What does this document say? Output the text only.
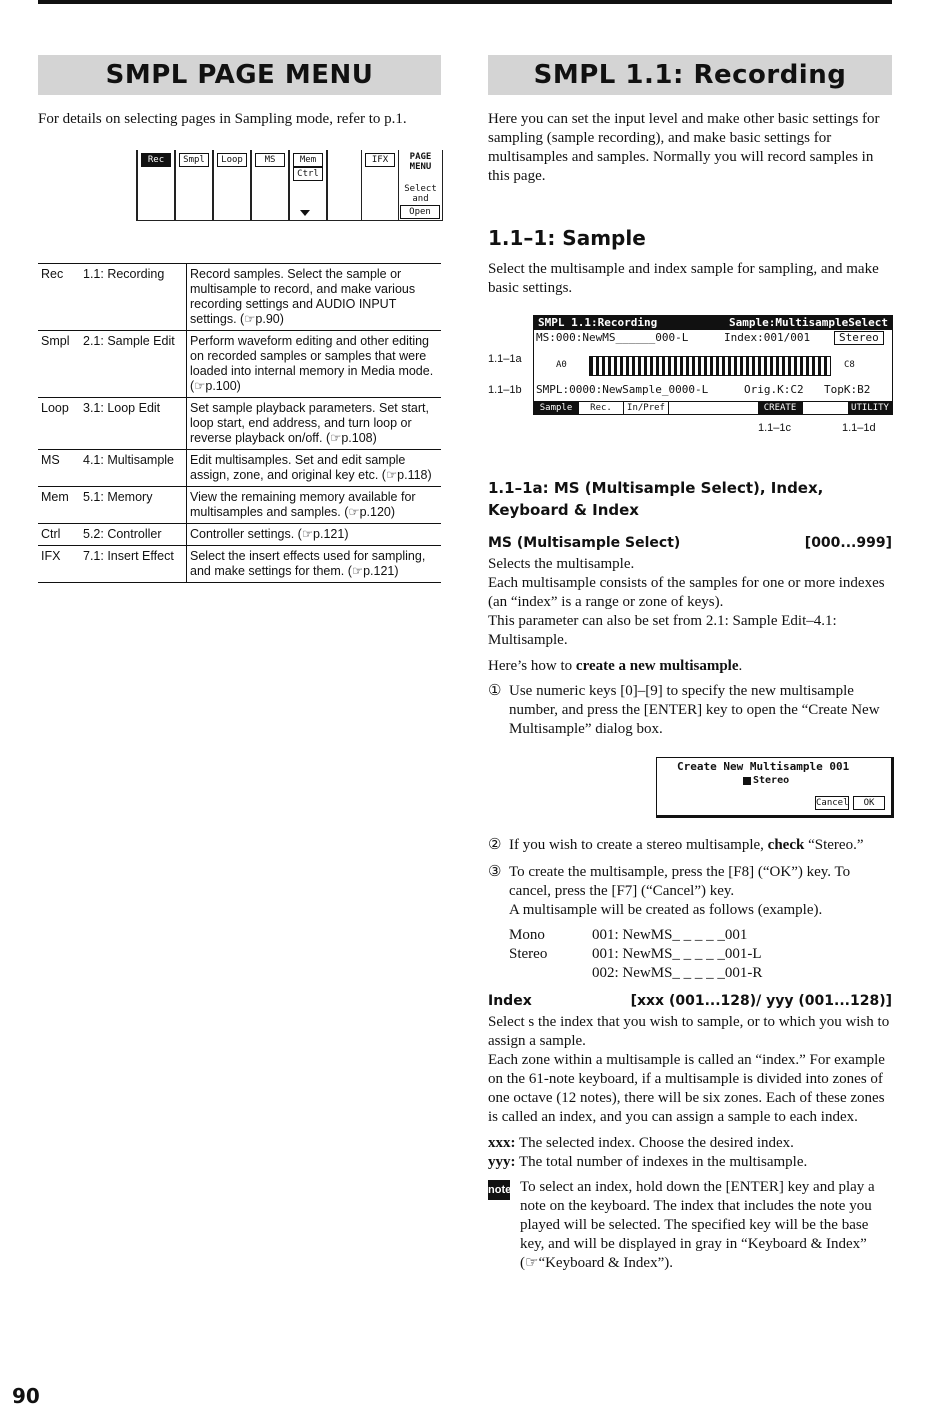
SMPL PAGE MENU

For details on selecting pages in Sampling mode, refer to p.1.

Rec	Smpl	Loop	MS	Mem
Ctrl
IFX	PAGE MENU
Select
and
Open
Rec	1.1: Recording	Record samples. Select the sample or multisample to record, and make various recording settings and AUDIO INPUT settings. (☞p.90)
Smpl	2.1: Sample Edit	Perform waveform editing and other editing on recorded samples or samples that were loaded into internal memory in Media mode. (☞p.100)
Loop	3.1: Loop Edit	Set sample playback parameters. Set start, loop start, end address, and turn loop or reverse playback on/off. (☞p.108)
MS	4.1: Multisample	Edit multisamples. Set and edit sample assign, zone, and original key etc. (☞p.118)
Mem	5.1: Memory	View the remaining memory available for multisamples and samples. (☞p.120)
Ctrl	5.2: Controller	Controller settings. (☞p.121)
IFX	7.1: Insert Effect	Select the insert effects used for sampling, and make settings for them. (☞p.121)
SMPL 1.1: Recording

Here you can set the input level and make other basic settings for sampling (sample recording), and make basic settings for multisamples and samples. Normally you will record samples in this page.

1.1–1: Sample

Select the multisample and index sample for sampling, and make basic settings.

SMPL 1.1:Recording	Sample:MultisampleSelect
MS:000:NewMS______000-L	Index:001/001	Stereo
A0	C8
SMPL:0000:NewSample_0000-L	Orig.K:C2 TopK:B2
Sample	Rec.	In/Pref	CREATE	UTILITY
1.1–1a
1.1–1b
1.1–1c	1.1–1d
1.1–1a: MS (Multisample Select), Index, Keyboard & Index
MS (Multisample Select)	[000...999]

Selects the multisample.

Each multisample consists of the samples for one or more indexes (an “index” is a range or zone of keys).

This parameter can also be set from 2.1: Sample Edit–4.1: Multisample.

Here’s how to create a new multisample.

① Use numeric keys [0]–[9] to specify the new multisample number, and press the [ENTER] key to open the “Create New Multisample” dialog box.
Create New Multisample 001
Stereo
Cancel	OK
② If you wish to create a stereo multisample, check “Stereo.”
③ To create the multisample, press the [F8] (“OK”) key. To cancel, press the [F7] (“Cancel”) key.
A multisample will be created as follows (example).
Mono	001: NewMS_ _ _ _ _001
Stereo	001: NewMS_ _ _ _ _001-L
002: NewMS_ _ _ _ _001-R
Index	[xxx (001...128)/ yyy (001...128)]

Select s the index that you wish to sample, or to which you wish to assign a sample.

Each zone within a multisample is called an “index.” For example on the 61-note keyboard, if a multisample is divided into zones of one octave (12 notes), there will be six zones. Each of these zones is called an index, and you can assign a sample to each index.

xxx: The selected index. Choose the desired index.

yyy: The total number of indexes in the multisample.

note To select an index, hold down the [ENTER] key and play a note on the keyboard. The index that includes the note you played will be selected. The specified key will be the base key, and will be displayed in gray in “Keyboard & Index” (☞“Keyboard & Index”).
90
